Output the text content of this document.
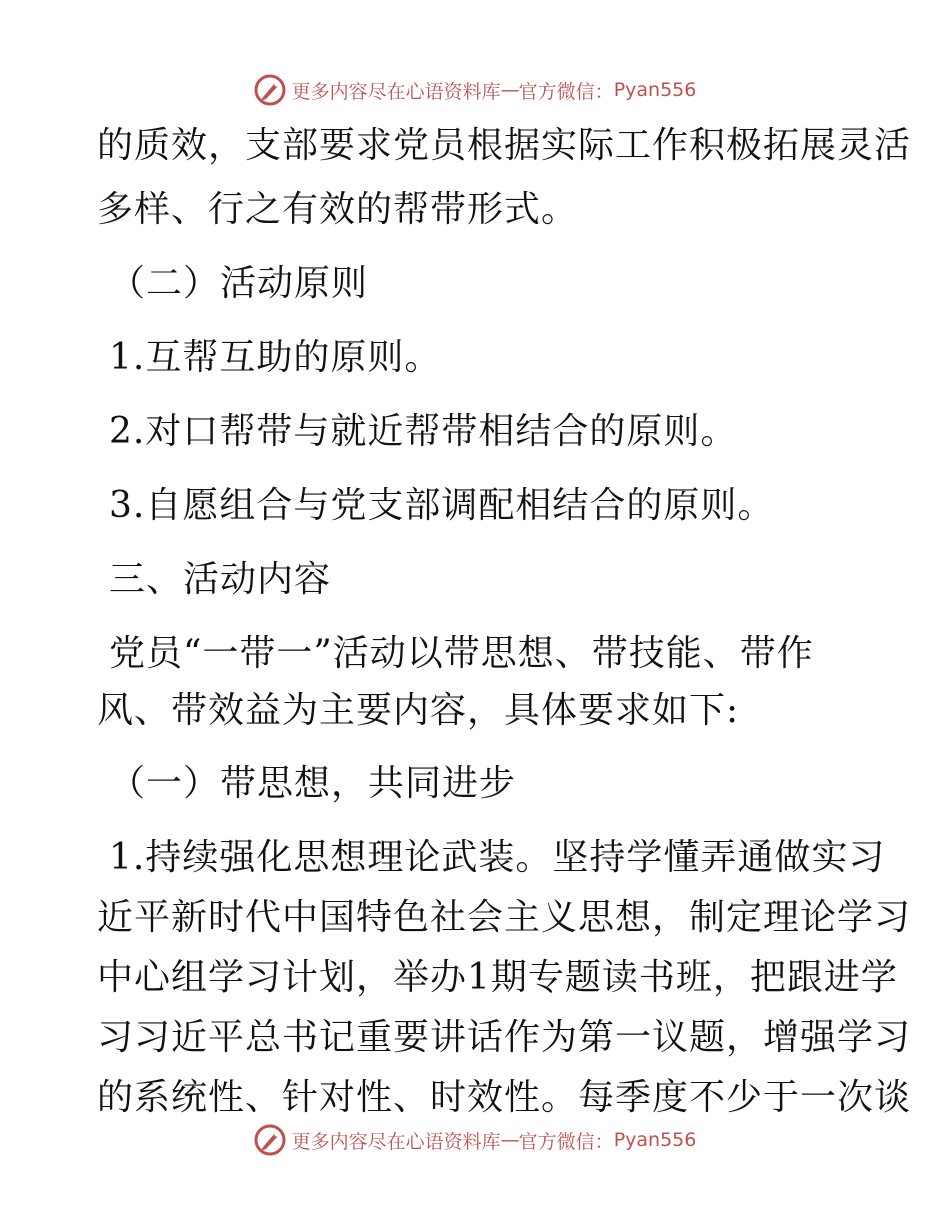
更多内容尽在心语资料库 — 官方微信： Pyan556

的质效，支部要求党员根据实际工作积极拓展灵活

多样、行之有效的帮带形式。

（二）活动原则

1.互帮互助的原则。

2.对口帮带与就近帮带相结合的原则。

3.自愿组合与党支部调配相结合的原则。

三、活动内容

党员“一带一”活动以带思想、带技能、带作

风、带效益为主要内容，具体要求如下:

（一）带思想，共同进步

1.持续强化思想理论武装。坚持学懂弄通做实习

近平新时代中国特色社会主义思想，制定理论学习

中心组学习计划，举办1期专题读书班，把跟进学

习习近平总书记重要讲话作为第一议题，增强学习

的系统性、针对性、时效性。每季度不少于一次谈

更多内容尽在心语资料库 — 官方微信： Pyan556
